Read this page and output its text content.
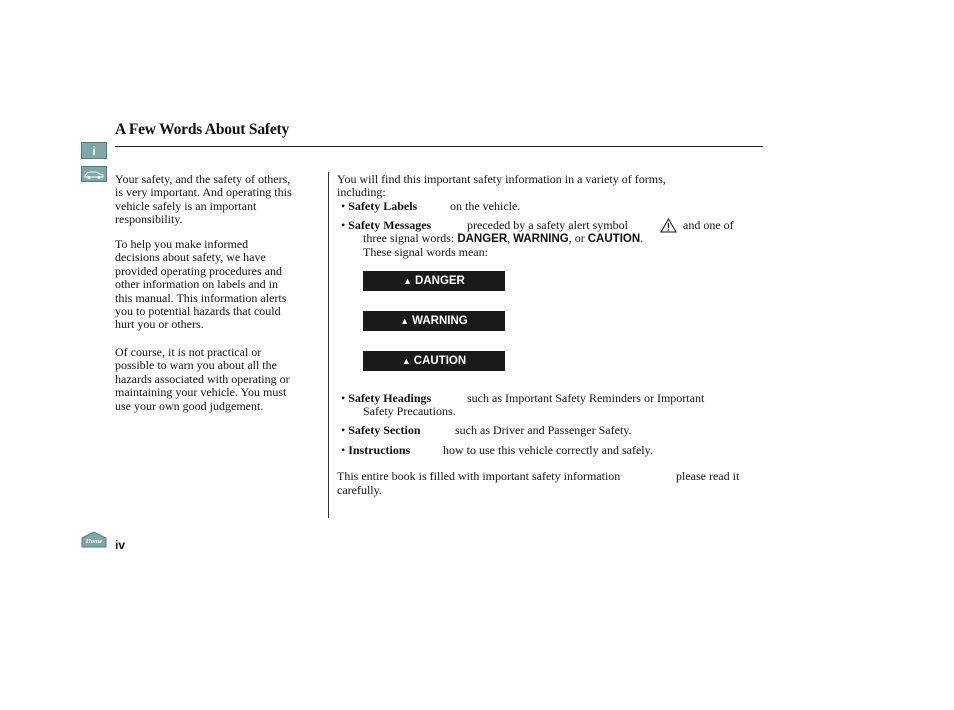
A Few Words About Safety
i
Your safety, and the safety of others,
is very important. And operating this
vehicle safely is an important
responsibility.
To help you make informed
decisions about safety, we have
provided operating procedures and
other information on labels and in
this manual. This information alerts
you to potential hazards that could
hurt you or others.
Of course, it is not practical or
possible to warn you about all the
hazards associated with operating or
maintaining your vehicle. You must
use your own good judgement.
You will find this important safety information in a variety of forms,
including:
• Safety Labels	on the vehicle.
• Safety Messages	preceded by a safety alert symbol	and one of
three signal words: DANGER, WARNING, or CAUTION.
These signal words mean:
▲ DANGER
▲ WARNING
▲ CAUTION
• Safety Headings	such as Important Safety Reminders or Important
Safety Precautions.
• Safety Section	such as Driver and Passenger Safety.
• Instructions	how to use this vehicle correctly and safely.
This entire book is filled with important safety information	please read it
carefully.
Home iv
